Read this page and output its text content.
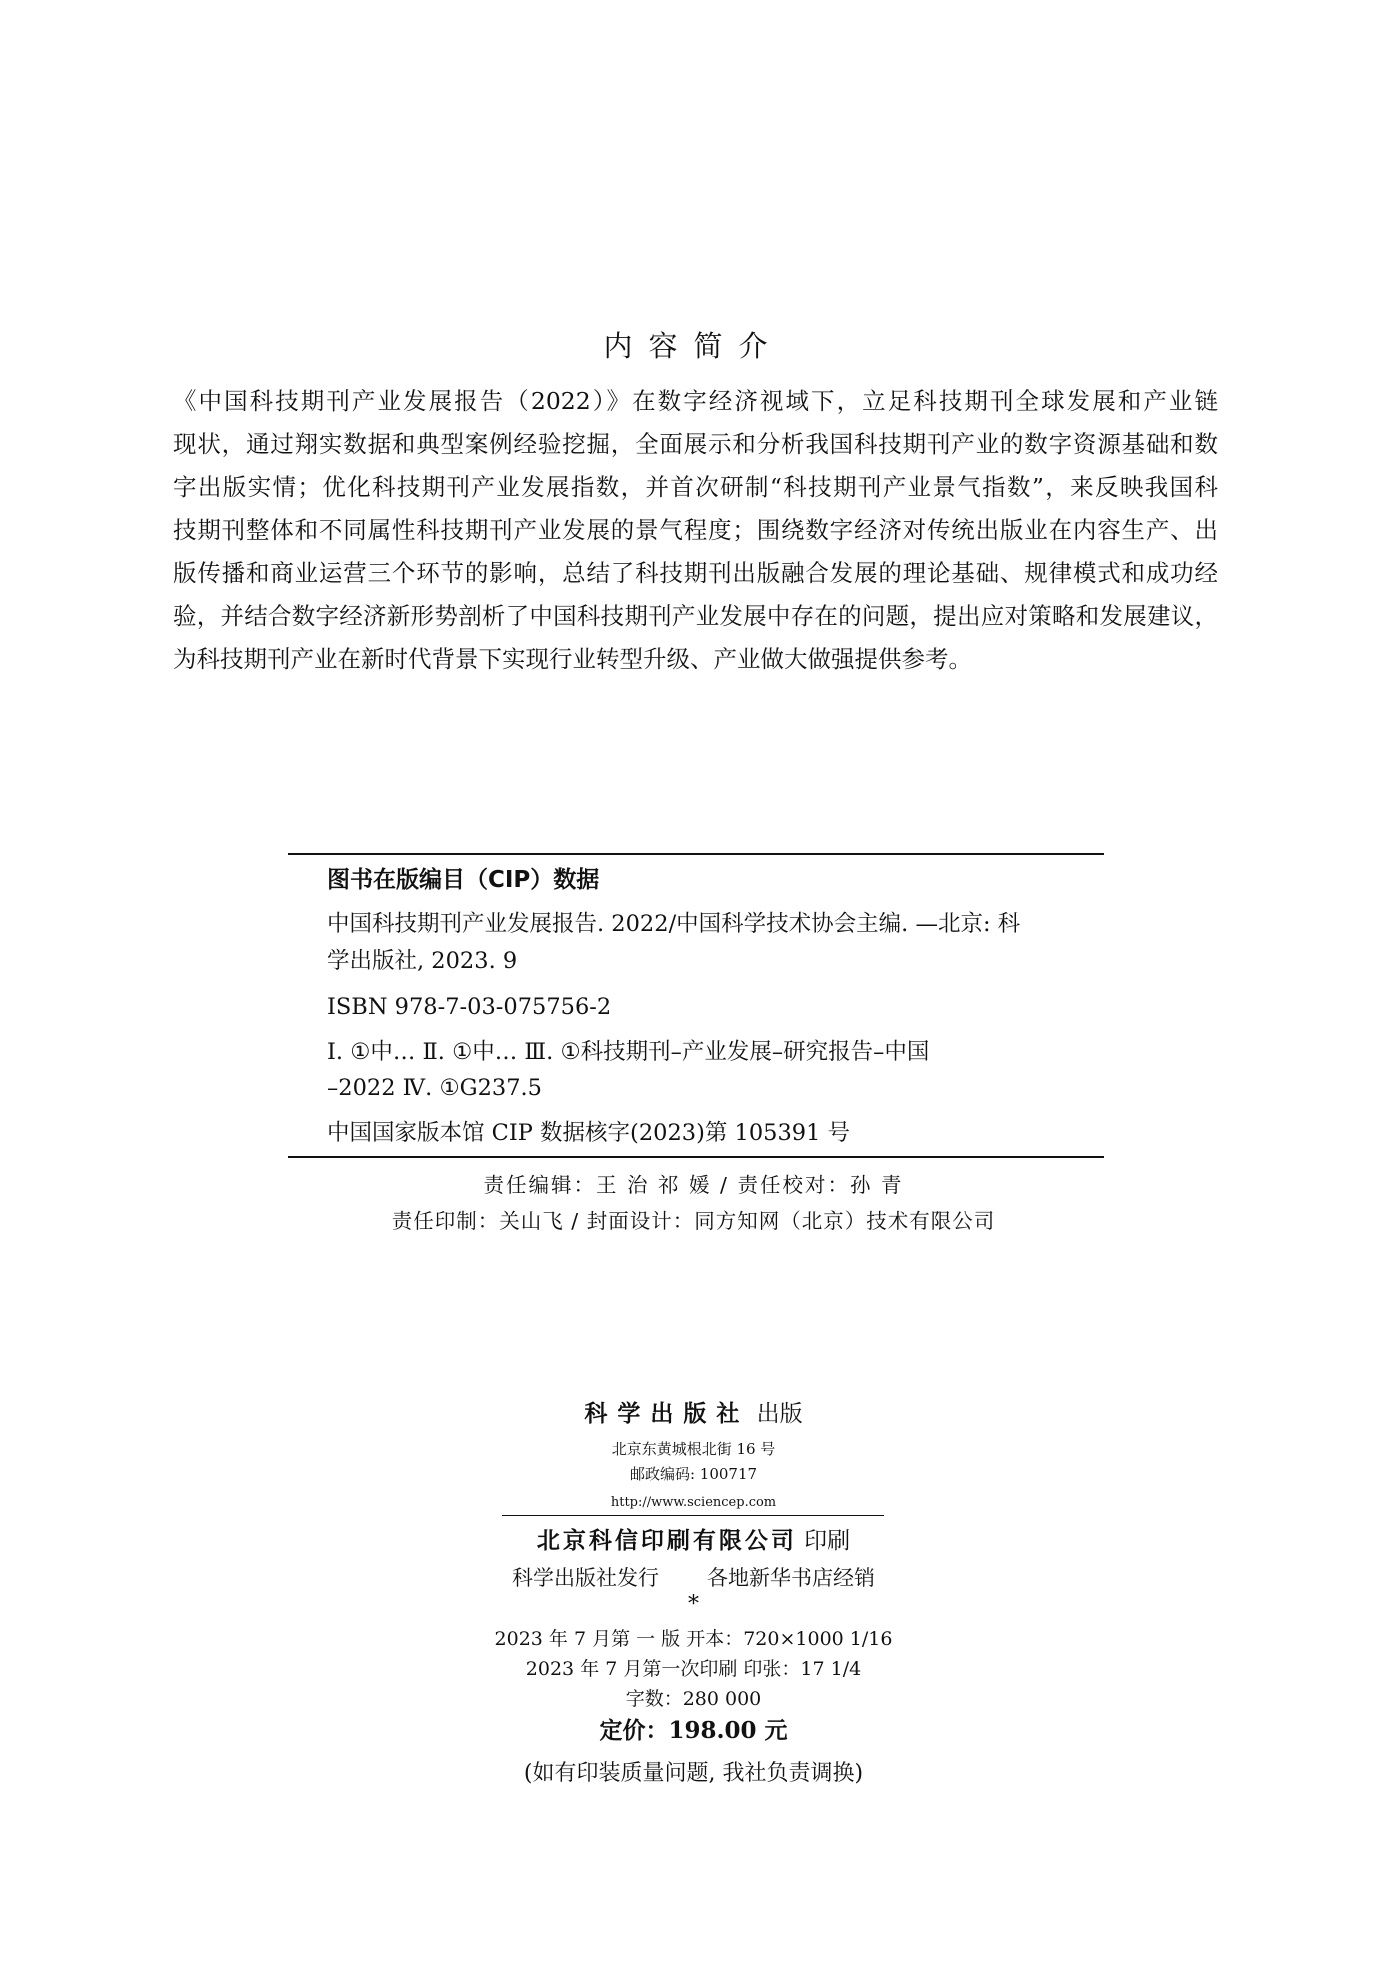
内容简介
《中国科技期刊产业发展报告（2022）》在数字经济视域下，立足科技期刊全球发展和产业链
现状，通过翔实数据和典型案例经验挖掘，全面展示和分析我国科技期刊产业的数字资源基础和数
字出版实情；优化科技期刊产业发展指数，并首次研制“科技期刊产业景气指数”，来反映我国科
技期刊整体和不同属性科技期刊产业发展的景气程度；围绕数字经济对传统出版业在内容生产、出
版传播和商业运营三个环节的影响，总结了科技期刊出版融合发展的理论基础、规律模式和成功经
验，并结合数字经济新形势剖析了中国科技期刊产业发展中存在的问题，提出应对策略和发展建议，
为科技期刊产业在新时代背景下实现行业转型升级、产业做大做强提供参考。
图书在版编目（CIP）数据
中国科技期刊产业发展报告. 2022/中国科学技术协会主编. —北京: 科
学出版社, 2023. 9
ISBN 978-7-03-075756-2
Ⅰ. ①中… Ⅱ. ①中… Ⅲ. ①科技期刊–产业发展–研究报告–中国
–2022 Ⅳ. ①G237.5
中国国家版本馆 CIP 数据核字(2023)第 105391 号
责任编辑：王 治 祁 媛 / 责任校对：孙 青
责任印制：关山飞 / 封面设计：同方知网（北京）技术有限公司
科学出版社 出版
北京东黄城根北街 16 号
邮政编码: 100717
http://www.sciencep.com
北京科信印刷有限公司 印刷
科学出版社发行 各地新华书店经销
*
2023 年 7 月第 一 版 开本：720×1000 1/16
2023 年 7 月第一次印刷 印张：17 1/4
字数：280 000
定价：198.00 元
(如有印装质量问题, 我社负责调换)
